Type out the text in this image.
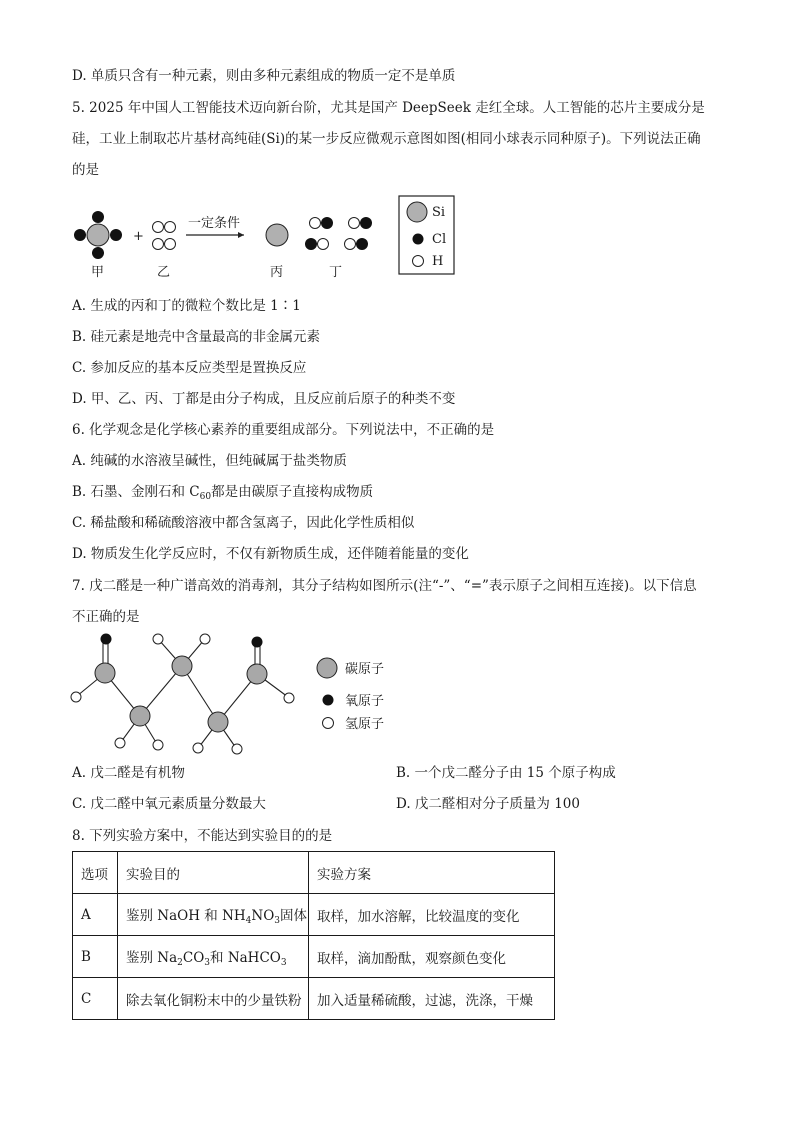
D. 单质只含有一种元素，则由多种元素组成的物质一定不是单质
5. 2025 年中国人工智能技术迈向新台阶，尤其是国产 DeepSeek 走红全球。人工智能的芯片主要成分是
硅，工业上制取芯片基材高纯硅(Si)的某一步反应微观示意图如图(相同小球表示同种原子)。下列说法正确
的是
+
一定条件
甲	乙	丙	丁
Si
Cl
H
A. 生成的丙和丁的微粒个数比是 1∶1
B. 硅元素是地壳中含量最高的非金属元素
C. 参加反应的基本反应类型是置换反应
D. 甲、乙、丙、丁都是由分子构成，且反应前后原子的种类不变
6. 化学观念是化学核心素养的重要组成部分。下列说法中，不正确的是
A. 纯碱的水溶液呈碱性，但纯碱属于盐类物质
B. 石墨、金刚石和 $C_{60}$都是由碳原子直接构成物质
C. 稀盐酸和稀硫酸溶液中都含氢离子，因此化学性质相似
D. 物质发生化学反应时，不仅有新物质生成，还伴随着能量的变化
7. 戊二醛是一种广谱高效的消毒剂，其分子结构如图所示(注“-”、“=”表示原子之间相互连接)。以下信息
不正确的是
碳原子
氧原子
氢原子
A. 戊二醛是有机物	B. 一个戊二醛分子由 15 个原子构成
C. 戊二醛中氧元素质量分数最大	D. 戊二醛相对分子质量为 100
8. 下列实验方案中，不能达到实验目的的是
选项	实验目的	实验方案
A	鉴别 NaOH 和 $NH_4NO_3$固体	取样，加水溶解，比较温度的变化
B	鉴别 $Na_2CO_3$和 NaHCO$_3$	取样，滴加酚酞，观察颜色变化
C	除去氧化铜粉末中的少量铁粉	加入适量稀硫酸，过滤，洗涤，干燥
